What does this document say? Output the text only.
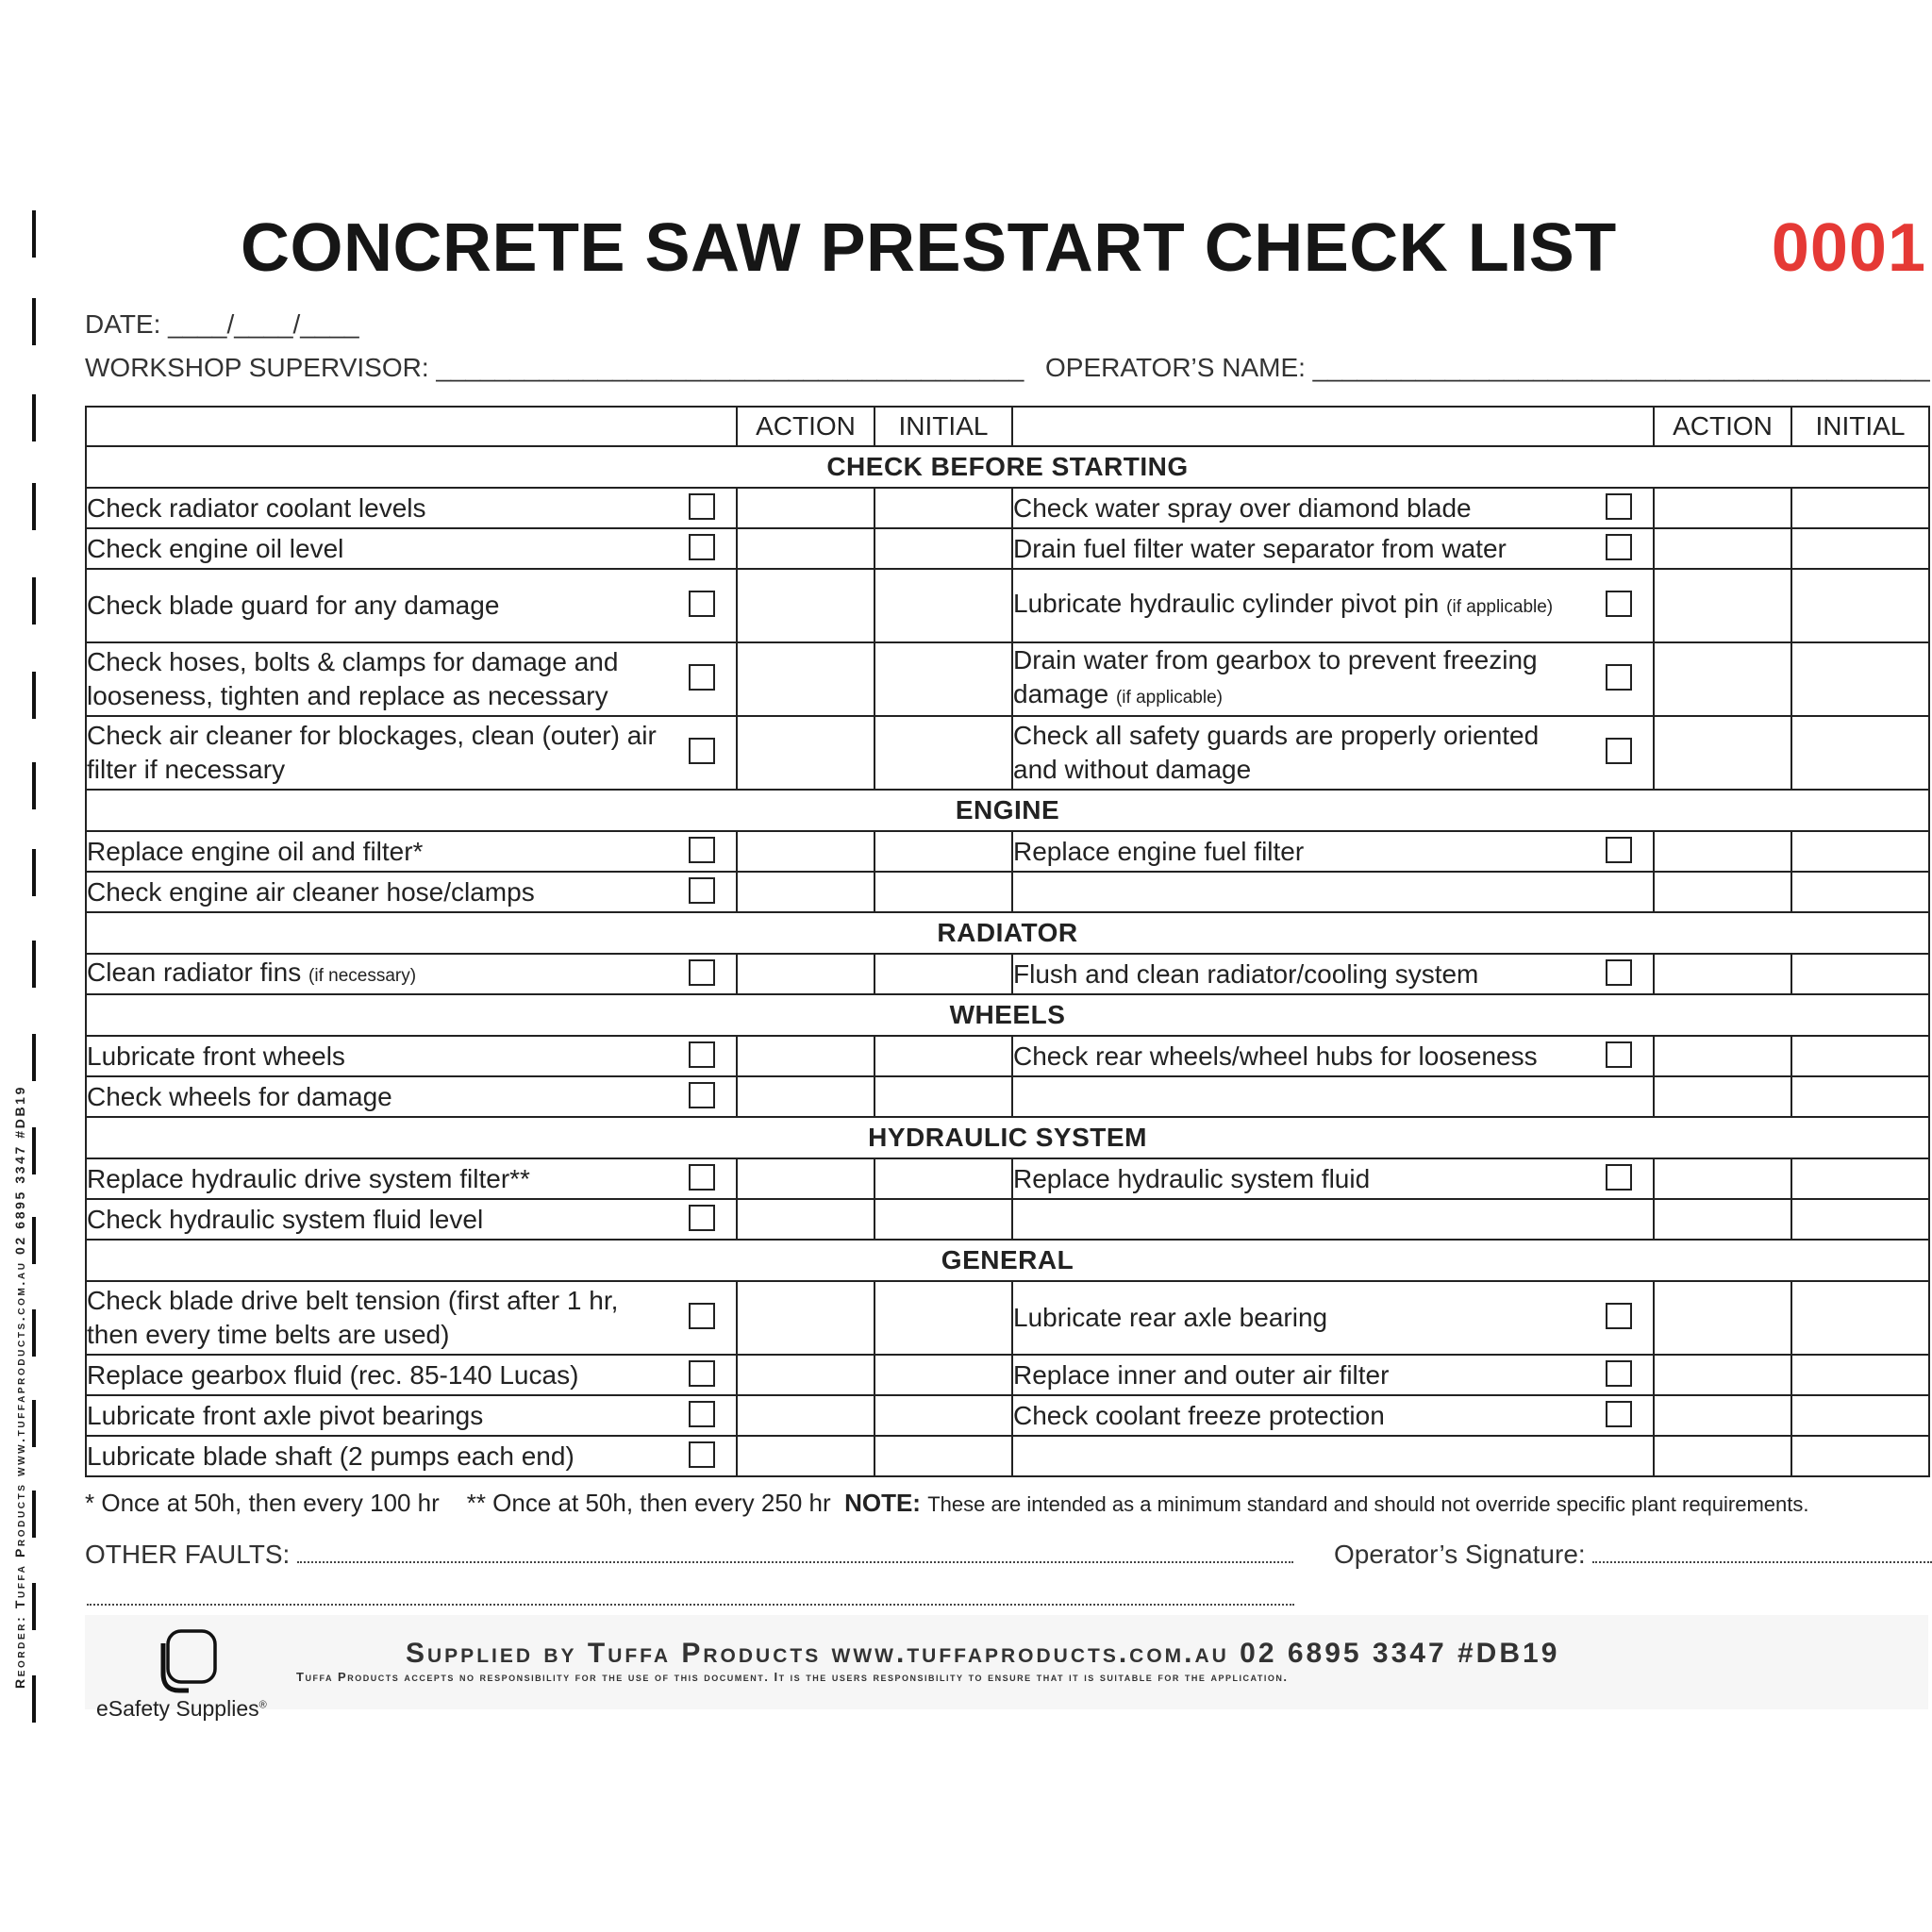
Reorder: Tuffa Products www.tuffaproducts.com.au 02 6895 3347 #DB19
CONCRETE SAW PRESTART CHECK LIST 0001
DATE: ____/____/____
WORKSHOP SUPERVISOR: ________________________________________ OPERATOR’S NAME: __________________________________________
	ACTION	INITIAL		ACTION	INITIAL
CHECK BEFORE STARTING					

Check radiator coolant levels			Check water spray over diamond blade		

Check engine oil level			Drain fuel filter water separator from water		

Check blade guard for any damage			Lubricate hydraulic cylinder pivot pin (if applicable)		

Check hoses, bolts & clamps for damage and looseness, tighten and replace as necessary			Drain water from gearbox to prevent freezing damage (if applicable)		

Check air cleaner for blockages, clean (outer) air filter if necessary			Check all safety guards are properly oriented and without damage		

ENGINE					

Replace engine oil and filter*			Replace engine fuel filter		

Check engine air cleaner hose/clamps					

RADIATOR					

Clean radiator fins (if necessary)			Flush and clean radiator/cooling system		

WHEELS					

Lubricate front wheels			Check rear wheels/wheel hubs for looseness		

Check wheels for damage					

HYDRAULIC SYSTEM					

Replace hydraulic drive system filter**			Replace hydraulic system fluid		

Check hydraulic system fluid level					

GENERAL					

Check blade drive belt tension (first after 1 hr, then every time belts are used)			Lubricate rear axle bearing		

Replace gearbox fluid (rec. 85-140 Lucas)			Replace inner and outer air filter		

Lubricate front axle pivot bearings			Check coolant freeze protection		

Lubricate blade shaft (2 pumps each end)					

* Once at 50h, then every 100 hr ** Once at 50h, then every 250 hr NOTE: These are intended as a minimum standard and should not override specific plant requirements.
OTHER FAULTS:	Operator’s Signature:
eSafety Supplies®
Supplied by Tuffa Products www.tuffaproducts.com.au 02 6895 3347 #DB19
Tuffa Products accepts no responsibility for the use of this document. It is the users responsibility to ensure that it is suitable for the application.
